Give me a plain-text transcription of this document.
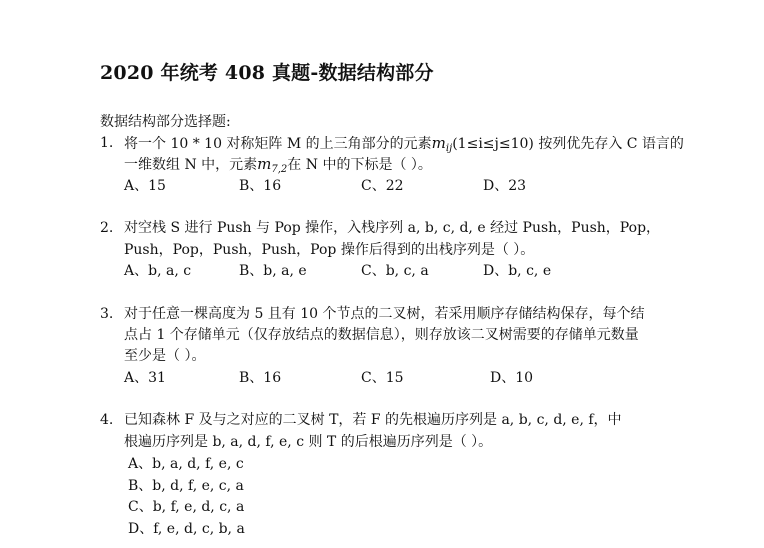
2020 年统考 408 真题-数据结构部分
数据结构部分选择题:
1. 将一个 10 * 10 对称矩阵 M 的上三角部分的元素$m_{ij}(1\le i\le j\le 10)$ 按列优先存入 C 语言的
一维数组 N 中，元素$m_{7,2}$在 N 中的下标是（ ）。
A、15	B、16	C、22	D、23
2. 对空栈 S 进行 Push 与 Pop 操作，入栈序列 a, b, c, d, e 经过 Push，Push，Pop，
Push，Pop，Push，Push，Pop 操作后得到的出栈序列是（ ）。
A、b, a, c	B、b, a, e	C、b, c, a	D、b, c, e
3. 对于任意一棵高度为 5 且有 10 个节点的二叉树，若采用顺序存储结构保存，每个结
点占 1 个存储单元（仅存放结点的数据信息），则存放该二叉树需要的存储单元数量
至少是（ ）。
A、31	B、16	C、15	D、10
4. 已知森林 F 及与之对应的二叉树 T，若 F 的先根遍历序列是 a, b, c, d, e, f，中
根遍历序列是 b, a, d, f, e, c 则 T 的后根遍历序列是（ ）。
A、b, a, d, f, e, c
B、b, d, f, e, c, a
C、b, f, e, d, c, a
D、f, e, d, c, b, a
